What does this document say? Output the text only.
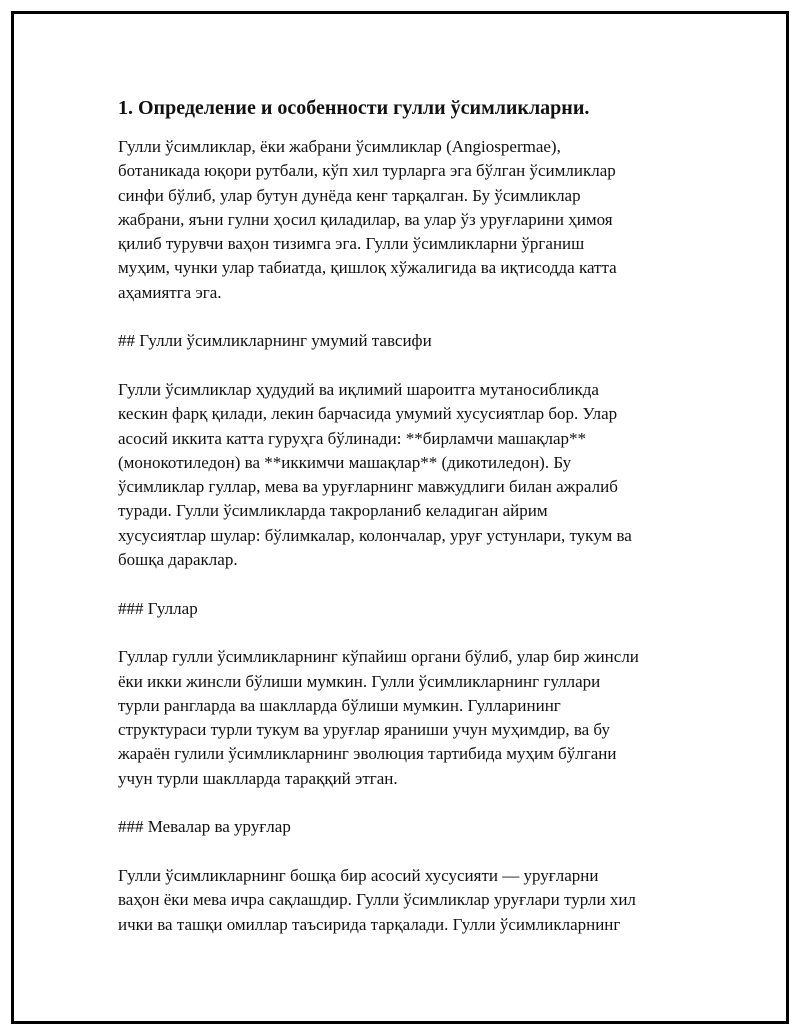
1. Определение и особенности гулли ўсимликларни.

Гулли ўсимликлар, ёки жабрани ўсимликлар (Angiospermae),
ботаникада юқори рутбали, кўп хил турларга эга бўлган ўсимликлар
синфи бўлиб, улар бутун дунёда кенг тарқалган. Бу ўсимликлар
жабрани, яъни гулни ҳосил қиладилар, ва улар ўз уруғларини ҳимоя
қилиб турувчи ваҳон тизимга эга. Гулли ўсимликларни ўрганиш
муҳим, чунки улар табиатда, қишлоқ хўжалигида ва иқтисодда катта
аҳамиятга эга.

## Гулли ўсимликларнинг умумий тавсифи

Гулли ўсимликлар ҳудудий ва иқлимий шароитга мутаносибликда
кескин фарқ қилади, лекин барчасида умумий хусусиятлар бор. Улар
асосий иккита катта гуруҳга бўлинади: **бирламчи машақлар**
(монокотиледон) ва **иккимчи машақлар** (дикотиледон). Бу
ўсимликлар гуллар, мева ва уруғларнинг мавжудлиги билан ажралиб
туради. Гулли ўсимликларда такрорланиб келадиган айрим
хусусиятлар шулар: бўлимкалар, колончалар, уруғ устунлари, тукум ва
бошқа дараклар.

### Гуллар

Гуллар гулли ўсимликларнинг кўпайиш органи бўлиб, улар бир жинсли
ёки икки жинсли бўлиши мумкин. Гулли ўсимликларнинг гуллари
турли рангларда ва шаклларда бўлиши мумкин. Гулларининг
структураси турли тукум ва уруғлар яраниши учун муҳимдир, ва бу
жараён гулили ўсимликларнинг эволюция тартибида муҳим бўлгани
учун турли шаклларда тараққий этган.

### Мевалар ва уруғлар

Гулли ўсимликларнинг бошқа бир асосий хусусияти — уруғларни
ваҳон ёки мева ичра сақлашдир. Гулли ўсимликлар уруғлари турли хил
ички ва ташқи омиллар таъсирида тарқалади. Гулли ўсимликларнинг
